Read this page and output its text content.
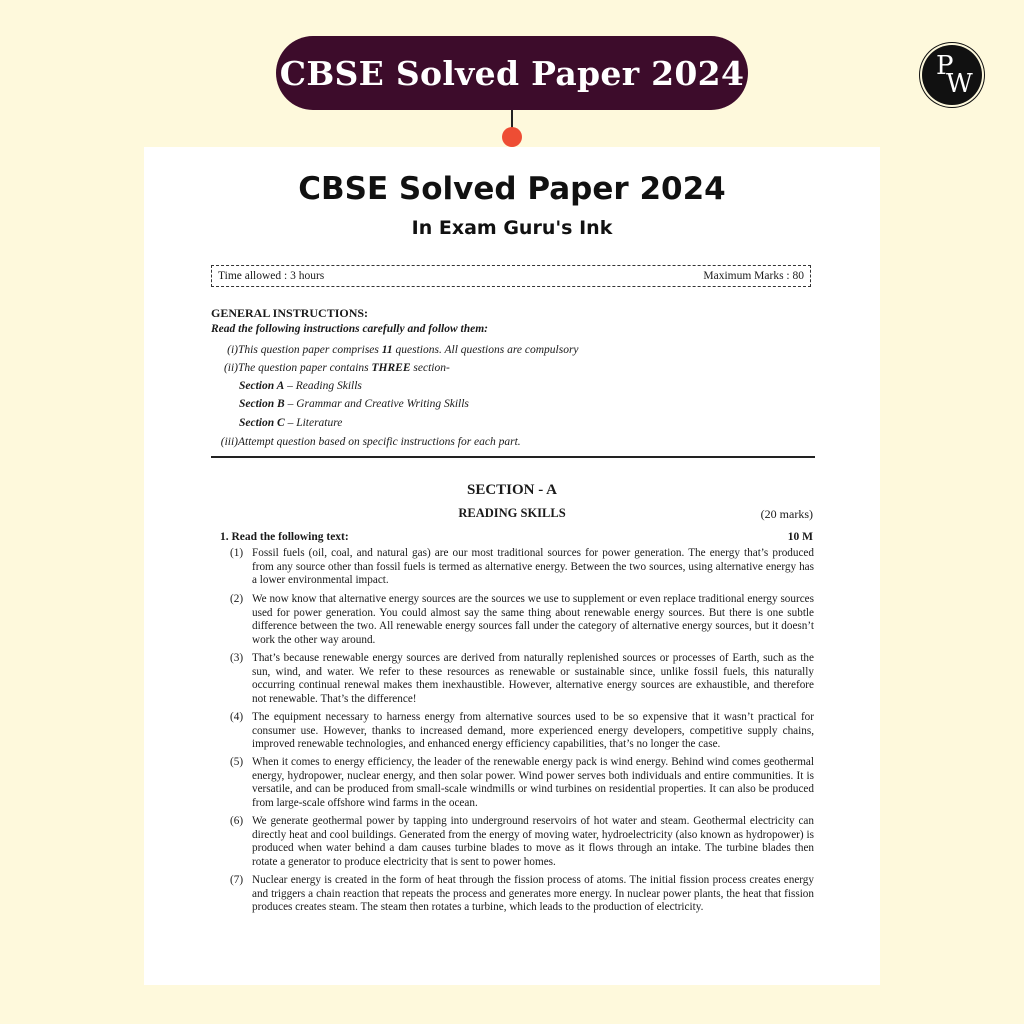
CBSE Solved Paper 2024	P
W
CBSE Solved Paper 2024
In Exam Guru's Ink
Time allowed : 3 hours	Maximum Marks : 80
GENERAL INSTRUCTIONS:
Read the following instructions carefully and follow them:
(i) This question paper comprises 11 questions. All questions are compulsory
(ii) The question paper contains THREE section-
Section A – Reading Skills
Section B – Grammar and Creative Writing Skills
Section C – Literature
(iii) Attempt question based on specific instructions for each part.
SECTION - A
READING SKILLS	(20 marks)
1. Read the following text:	10 M
(1) Fossil fuels (oil, coal, and natural gas) are our most traditional sources for power generation. The energy that’s produced from any source other than fossil fuels is termed as alternative energy. Between the two sources, using alternative energy has a lower environmental impact.
(2) We now know that alternative energy sources are the sources we use to supplement or even replace traditional energy sources used for power generation. You could almost say the same thing about renewable energy sources. But there is one subtle difference between the two. All renewable energy sources fall under the category of alternative energy sources, but it doesn’t work the other way around.
(3) That’s because renewable energy sources are derived from naturally replenished sources or processes of Earth, such as the sun, wind, and water. We refer to these resources as renewable or sustainable since, unlike fossil fuels, this naturally occurring continual renewal makes them inexhaustible. However, alternative energy sources are exhaustible, and therefore not renewable. That’s the difference!
(4) The equipment necessary to harness energy from alternative sources used to be so expensive that it wasn’t practical for consumer use. However, thanks to increased demand, more experienced energy developers, competitive supply chains, improved renewable technologies, and enhanced energy efficiency capabilities, that’s no longer the case.
(5) When it comes to energy efficiency, the leader of the renewable energy pack is wind energy. Behind wind comes geothermal energy, hydropower, nuclear energy, and then solar power. Wind power serves both individuals and entire communities. It is versatile, and can be produced from small-scale windmills or wind turbines on residential properties. It can also be produced from large-scale offshore wind farms in the ocean.
(6) We generate geothermal power by tapping into underground reservoirs of hot water and steam. Geothermal electricity can directly heat and cool buildings. Generated from the energy of moving water, hydroelectricity (also known as hydropower) is produced when water behind a dam causes turbine blades to move as it flows through an intake. The turbine blades then rotate a generator to produce electricity that is sent to power homes.
(7) Nuclear energy is created in the form of heat through the fission process of atoms. The initial fission process creates energy and triggers a chain reaction that repeats the process and generates more energy. In nuclear power plants, the heat that fission produces creates steam. The steam then rotates a turbine, which leads to the production of electricity.
